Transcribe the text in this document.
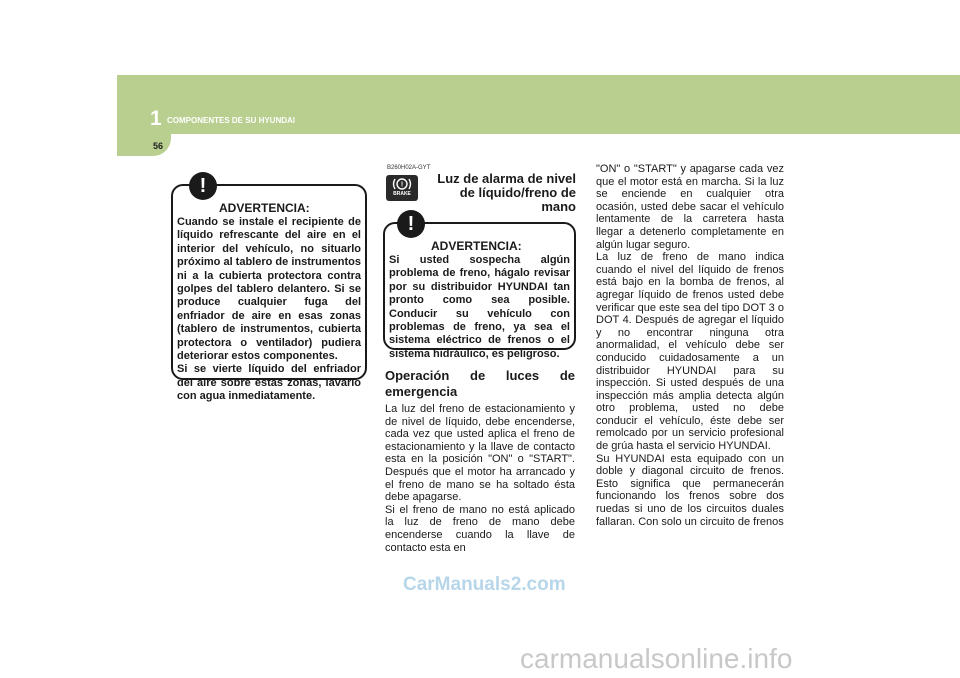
1 COMPONENTES DE SU HYUNDAI
56
!
ADVERTENCIA:

Cuando se instale el recipiente de líquido refrescante del aire en el interior del vehículo, no situarlo próximo al tablero de instrumentos ni a la cubierta protectora contra golpes del tablero delantero. Si se produce cualquier fuga del enfriador de aire en esas zonas (tablero de instrumentos, cubierta protectora o ventilador) pudiera deteriorar estos componentes.

Si se vierte líquido del enfriador del aire sobre estas zonas, lavarlo con agua inmediatamente.

B260H02A-GYT
!
BRAKE
Luz de alarma de nivel de líquido/freno de mano
!
ADVERTENCIA:
Si usted sospecha algún problema de freno, hágalo revisar por su distribuidor HYUNDAI tan pronto como sea posible. Conducir su vehículo con problemas de freno, ya sea el sistema eléctrico de frenos o el sistema hidráulico, es peligroso.
Operación de luces de emergencia

La luz del freno de estacionamiento y de nivel de líquido, debe encenderse, cada vez que usted aplica el freno de estacionamiento y la llave de contacto esta en la posición "ON" o "START". Después que el motor ha arrancado y el freno de mano se ha soltado ésta debe apagarse.

Si el freno de mano no está aplicado la luz de freno de mano debe encenderse cuando la llave de contacto esta en

"ON" o "START" y apagarse cada vez que el motor está en marcha. Si la luz se enciende en cualquier otra ocasión, usted debe sacar el vehículo lentamente de la carretera hasta llegar a detenerlo completamente en algún lugar seguro.

La luz de freno de mano indica cuando el nivel del líquido de frenos está bajo en la bomba de frenos, al agregar líquido de frenos usted debe verificar que este sea del tipo DOT 3 o DOT 4. Después de agregar el líquido y no encontrar ninguna otra anormalidad, el vehículo debe ser conducido cuidadosamente a un distribuidor HYUNDAI para su inspección. Si usted después de una inspección más amplia detecta algún otro problema, usted no debe conducir el vehículo, éste debe ser remolcado por un servicio profesional de grúa hasta el servicio HYUNDAI.

Su HYUNDAI esta equipado con un doble y diagonal circuito de frenos. Esto significa que permanecerán funcionando los frenos sobre dos ruedas si uno de los circuitos duales fallaran. Con solo un circuito de frenos

CarManuals2.com
carmanualsonline.info
